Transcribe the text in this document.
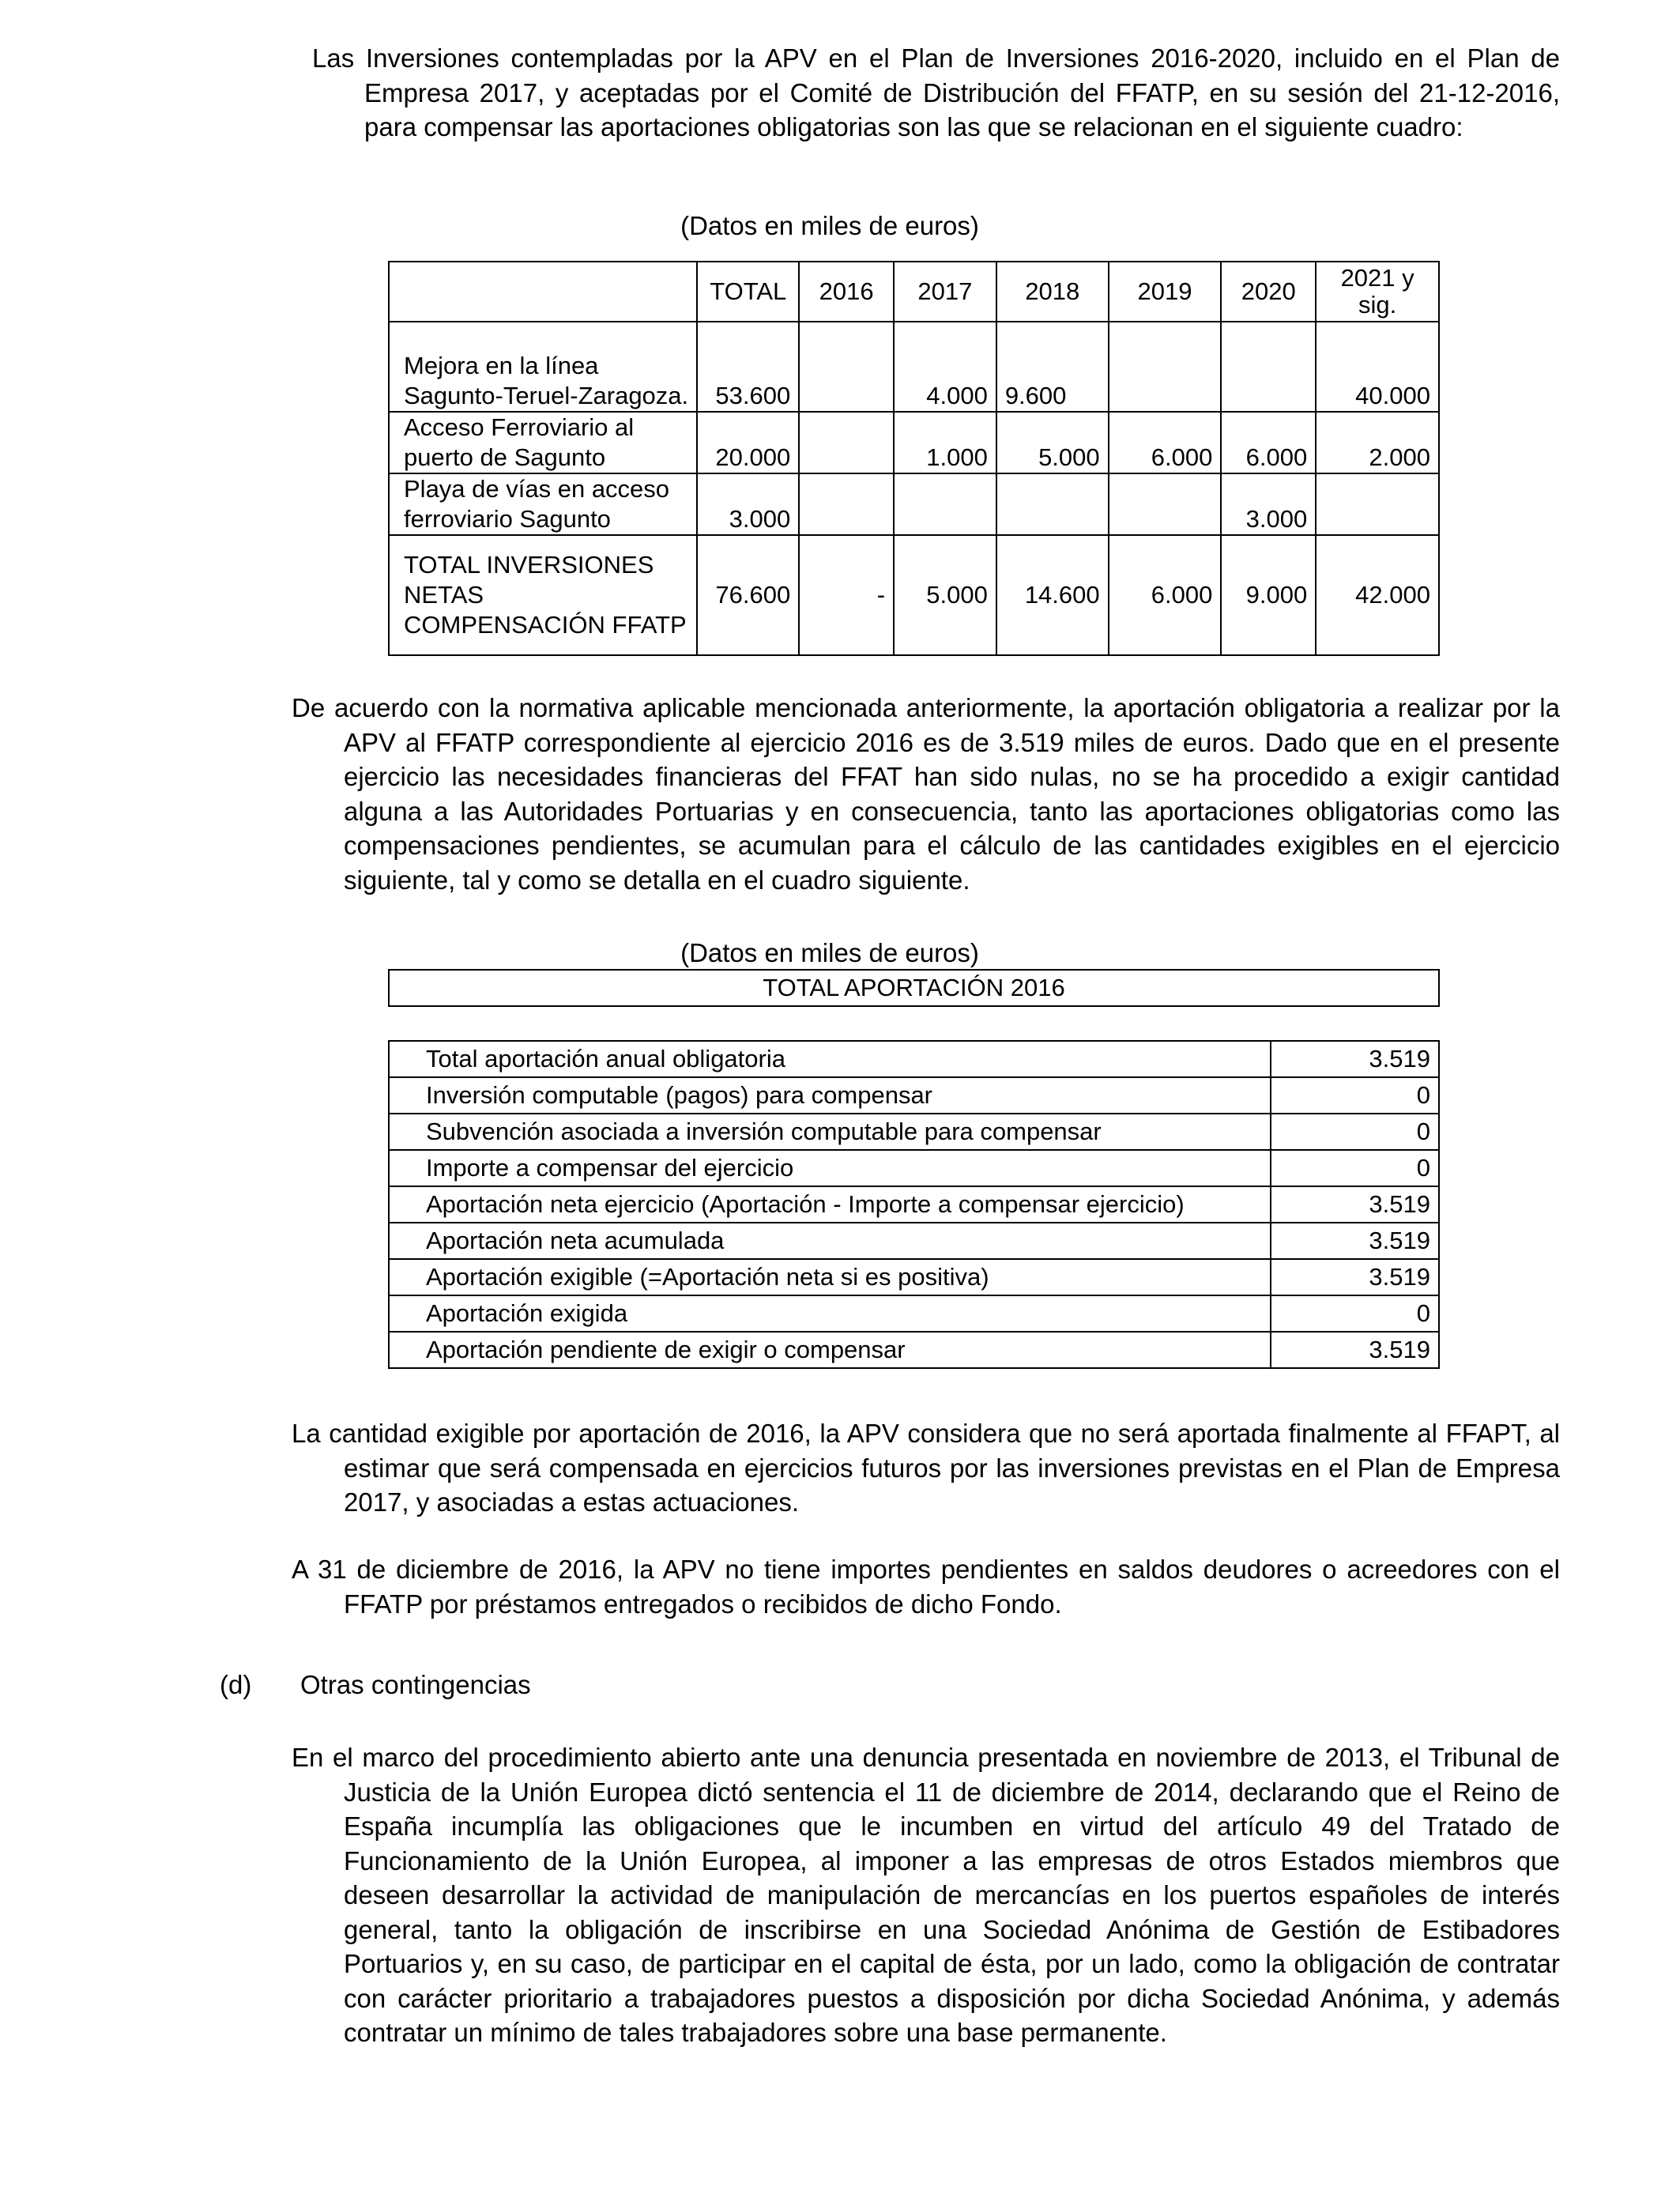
Las Inversiones contempladas por la APV en el Plan de Inversiones 2016-2020, incluido en el Plan de Empresa 2017, y aceptadas por el Comité de Distribución del FFATP, en su sesión del 21-12-2016, para compensar las aportaciones obligatorias son las que se relacionan en el siguiente cuadro:

(Datos en miles de euros)

	TOTAL	2016	2017	2018	2019	2020	2021 y sig.
Mejora en la línea Sagunto-Teruel-Zaragoza.	53.600		4.000	9.600			40.000
Acceso Ferroviario al puerto de Sagunto	20.000		1.000	5.000	6.000	6.000	2.000
Playa de vías en acceso ferroviario Sagunto	3.000					3.000	
TOTAL INVERSIONES NETAS COMPENSACIÓN FFATP	76.600	-	5.000	14.600	6.000	9.000	42.000

De acuerdo con la normativa aplicable mencionada anteriormente, la aportación obligatoria a realizar por la APV al FFATP correspondiente al ejercicio 2016 es de 3.519 miles de euros. Dado que en el presente ejercicio las necesidades financieras del FFAT han sido nulas, no se ha procedido a exigir cantidad alguna a las Autoridades Portuarias y en consecuencia, tanto las aportaciones obligatorias como las compensaciones pendientes, se acumulan para el cálculo de las cantidades exigibles en el ejercicio siguiente, tal y como se detalla en el cuadro siguiente.

(Datos en miles de euros)

TOTAL APORTACIÓN 2016
Total aportación anual obligatoria	3.519
Inversión computable (pagos) para compensar	0
Subvención asociada a inversión computable para compensar	0
Importe a compensar del ejercicio	0
Aportación neta ejercicio (Aportación - Importe a compensar ejercicio)	3.519
Aportación neta acumulada	3.519
Aportación exigible (=Aportación neta si es positiva)	3.519
Aportación exigida	0
Aportación pendiente de exigir o compensar	3.519

La cantidad exigible por aportación de 2016, la APV considera que no será aportada finalmente al FFAPT, al estimar que será compensada en ejercicios futuros por las inversiones previstas en el Plan de Empresa 2017, y asociadas a estas actuaciones.

A 31 de diciembre de 2016, la APV no tiene importes pendientes en saldos deudores o acreedores con el FFATP por préstamos entregados o recibidos de dicho Fondo.

(d) Otras contingencias

En el marco del procedimiento abierto ante una denuncia presentada en noviembre de 2013, el Tribunal de Justicia de la Unión Europea dictó sentencia el 11 de diciembre de 2014, declarando que el Reino de España incumplía las obligaciones que le incumben en virtud del artículo 49 del Tratado de Funcionamiento de la Unión Europea, al imponer a las empresas de otros Estados miembros que deseen desarrollar la actividad de manipulación de mercancías en los puertos españoles de interés general, tanto la obligación de inscribirse en una Sociedad Anónima de Gestión de Estibadores Portuarios y, en su caso, de participar en el capital de ésta, por un lado, como la obligación de contratar con carácter prioritario a trabajadores puestos a disposición por dicha Sociedad Anónima, y además contratar un mínimo de tales trabajadores sobre una base permanente.
